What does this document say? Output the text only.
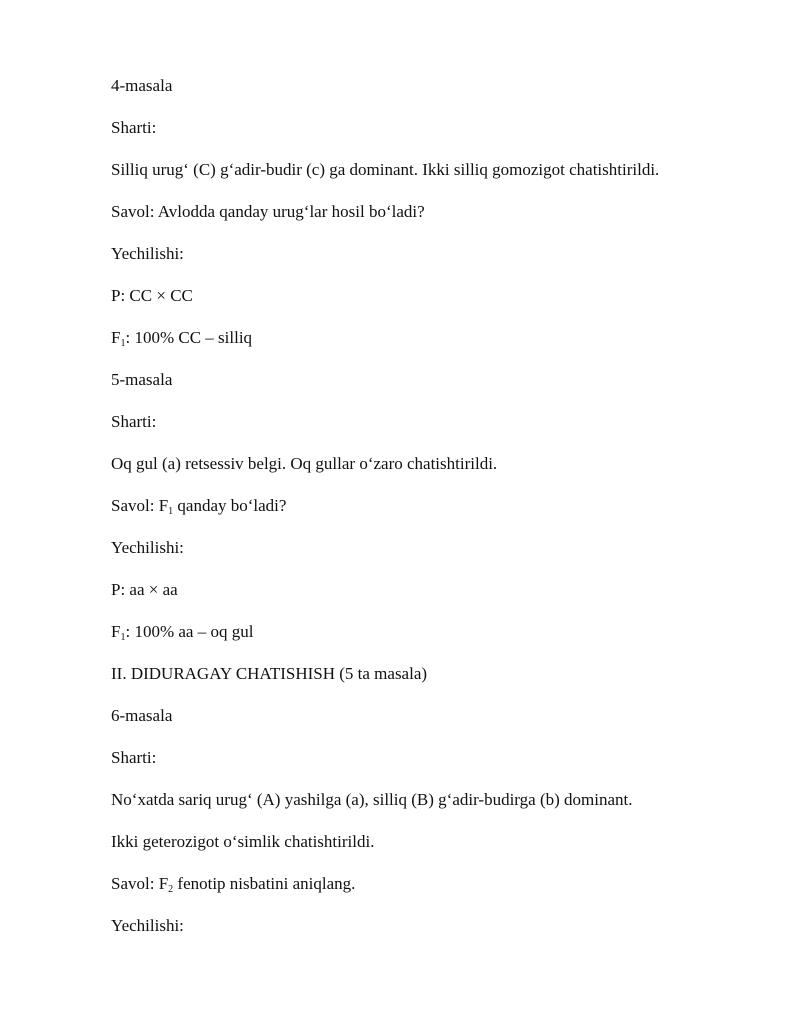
4-masala

Sharti:

Silliq urug‘ (C) g‘adir-budir (c) ga dominant. Ikki silliq gomozigot chatishtirildi.

Savol: Avlodda qanday urug‘lar hosil bo‘ladi?

Yechilishi:

P: CC × CC

$F_1$: 100% CC – silliq

5-masala

Sharti:

Oq gul (a) retsessiv belgi. Oq gullar o‘zaro chatishtirildi.

Savol: $F_1$ qanday bo‘ladi?

Yechilishi:

P: aa × aa

$F_1$: 100% aa – oq gul

II. DIDURAGAY CHATISHISH (5 ta masala)

6-masala

Sharti:

No‘xatda sariq urug‘ (A) yashilga (a), silliq (B) g‘adir-budirga (b) dominant.

Ikki geterozigot o‘simlik chatishtirildi.

Savol: $F_2$ fenotip nisbatini aniqlang.

Yechilishi:
